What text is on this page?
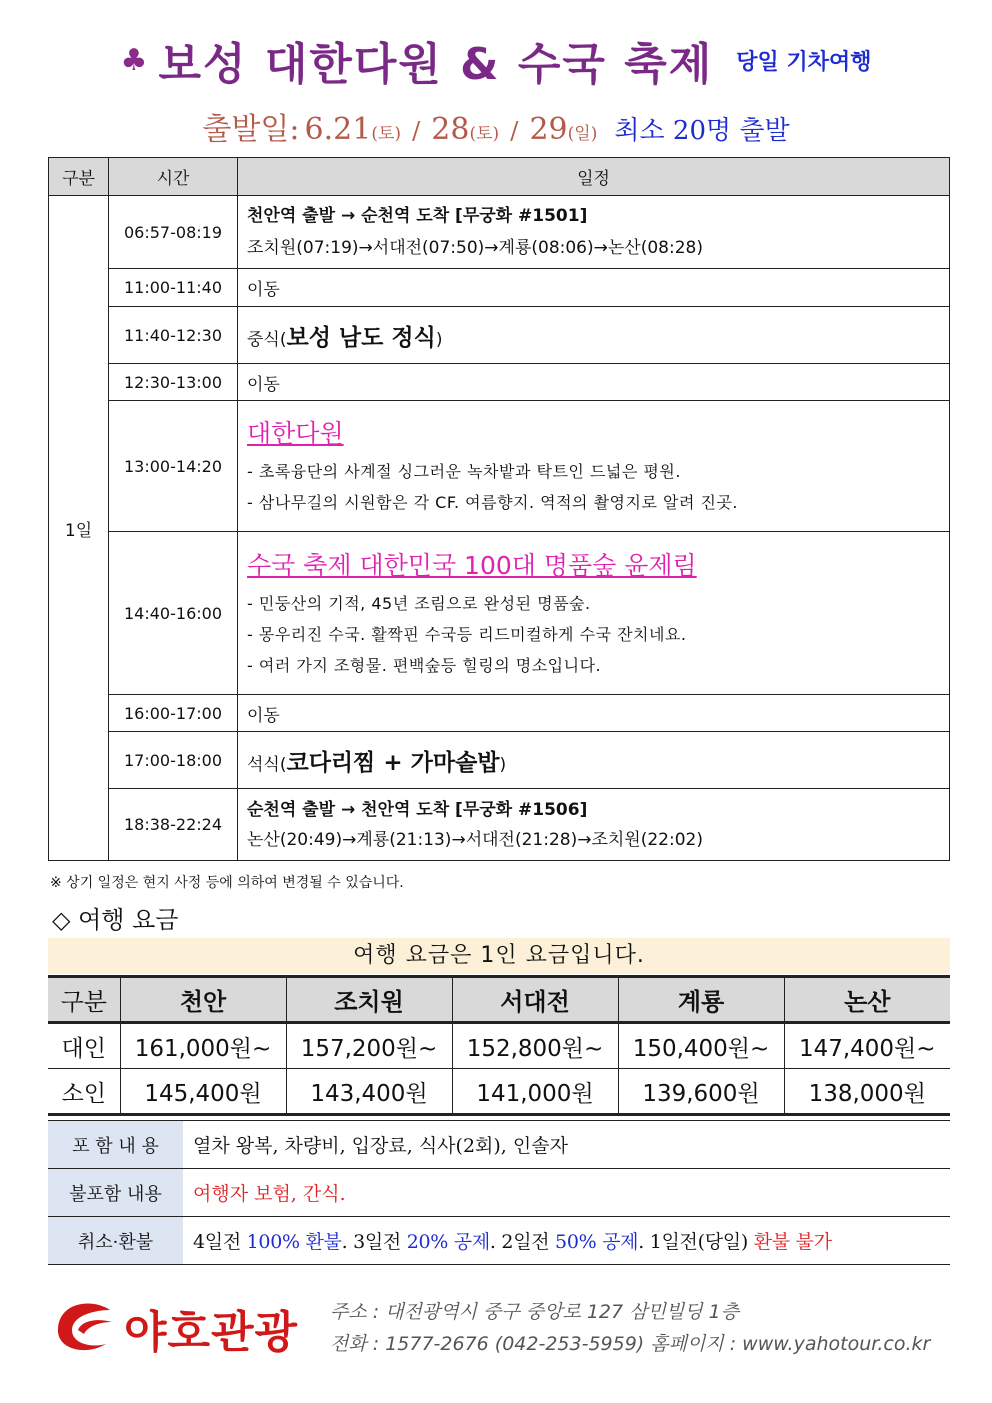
♣ 보성 대한다원 & 수국 축제 당일 기차여행
출발일: 6.21(토) / 28(토) / 29(일) 최소 20명 출발
구분	시간	일정
1일	06:57-08:19	천안역 출발 → 순천역 도착 [무궁화 #1501]
조치원(07:19)→서대전(07:50)→계룡(08:06)→논산(08:28)

	11:00-11:40	이동
	11:40-12:30	중식(보성 남도 정식)
	12:30-13:00	이동
	13:00-14:20	대한다원
- 초록융단의 사계절 싱그러운 녹차밭과 탁트인 드넓은 평원.
- 삼나무길의 시원함은 각 CF. 여름향지. 역적의 촬영지로 알려 진곳.

	14:40-16:00	수국 축제 대한민국 100대 명품숲 윤제림
- 민둥산의 기적, 45년 조림으로 완성된 명품숲.
- 몽우리진 수국. 활짝핀 수국등 리드미컬하게 수국 잔치네요.
- 여러 가지 조형물. 편백숲등 힐링의 명소입니다.

	16:00-17:00	이동
	17:00-18:00	석식(코다리찜 + 가마솥밥)
	18:38-22:24	순천역 출발 → 천안역 도착 [무궁화 #1506]
논산(20:49)→계룡(21:13)→서대전(21:28)→조치원(22:02)
※ 상기 일정은 현지 사정 등에 의하여 변경될 수 있습니다.
◇ 여행 요금
여행 요금은 1인 요금입니다.
구분	천안	조치원	서대전	계룡	논산
대인	161,000원~	157,200원~	152,800원~	150,400원~	147,400원~
소인	145,400원	143,400원	141,000원	139,600원	138,000원
포 함 내 용	열차 왕복, 차량비, 입장료, 식사(2회), 인솔자
불포함 내용	여행자 보험, 간식.
취소·환불	4일전 100% 환불. 3일전 20% 공제. 2일전 50% 공제. 1일전(당일) 환불 불가
야호관광 주소 : 대전광역시 중구 중앙로 127 삼민빌딩 1층
전화 : 1577-2676 (042-253-5959) 홈페이지 : www.yahotour.co.kr
